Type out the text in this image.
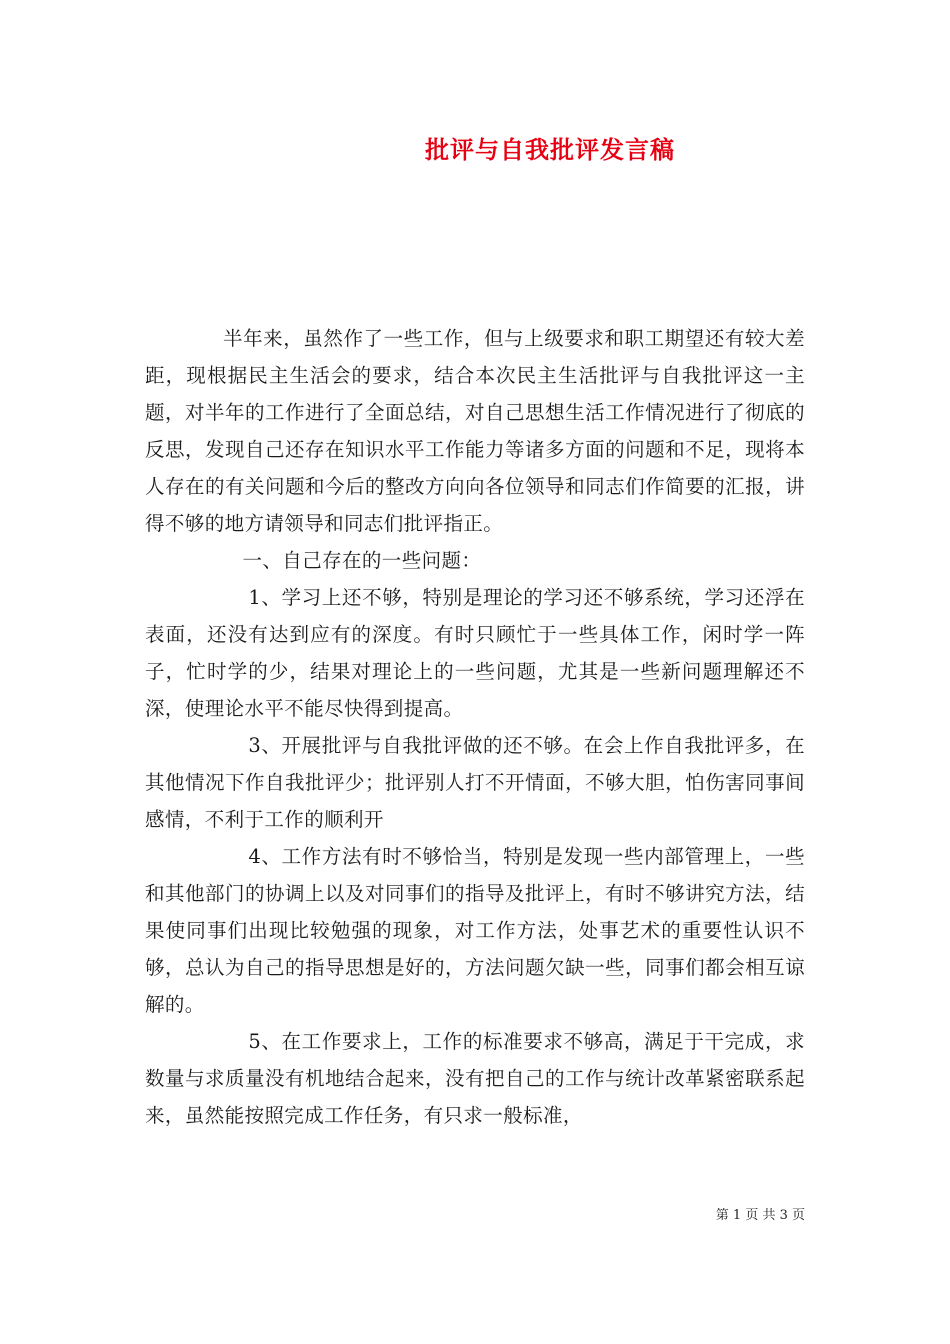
批评与自我批评发言稿

半年来，虽然作了一些工作，但与上级要求和职工期望还有较大差距，现根据民主生活会的要求，结合本次民主生活批评与自我批评这一主题，对半年的工作进行了全面总结，对自己思想生活工作情况进行了彻底的反思，发现自己还存在知识水平工作能力等诸多方面的问题和不足，现将本人存在的有关问题和今后的整改方向向各位领导和同志们作简要的汇报，讲得不够的地方请领导和同志们批评指正。

一、自己存在的一些问题：

1、学习上还不够，特别是理论的学习还不够系统，学习还浮在表面，还没有达到应有的深度。有时只顾忙于一些具体工作，闲时学一阵子，忙时学的少，结果对理论上的一些问题，尤其是一些新问题理解还不深，使理论水平不能尽快得到提高。

3、开展批评与自我批评做的还不够。在会上作自我批评多，在其他情况下作自我批评少；批评别人打不开情面，不够大胆，怕伤害同事间感情，不利于工作的顺利开

4、工作方法有时不够恰当，特别是发现一些内部管理上，一些和其他部门的协调上以及对同事们的指导及批评上，有时不够讲究方法，结果使同事们出现比较勉强的现象，对工作方法，处事艺术的重要性认识不够，总认为自己的指导思想是好的，方法问题欠缺一些，同事们都会相互谅解的。

5、在工作要求上，工作的标准要求不够高，满足于干完成，求数量与求质量没有机地结合起来，没有把自己的工作与统计改革紧密联系起来，虽然能按照完成工作任务，有只求一般标准，

第 1 页 共 3 页
